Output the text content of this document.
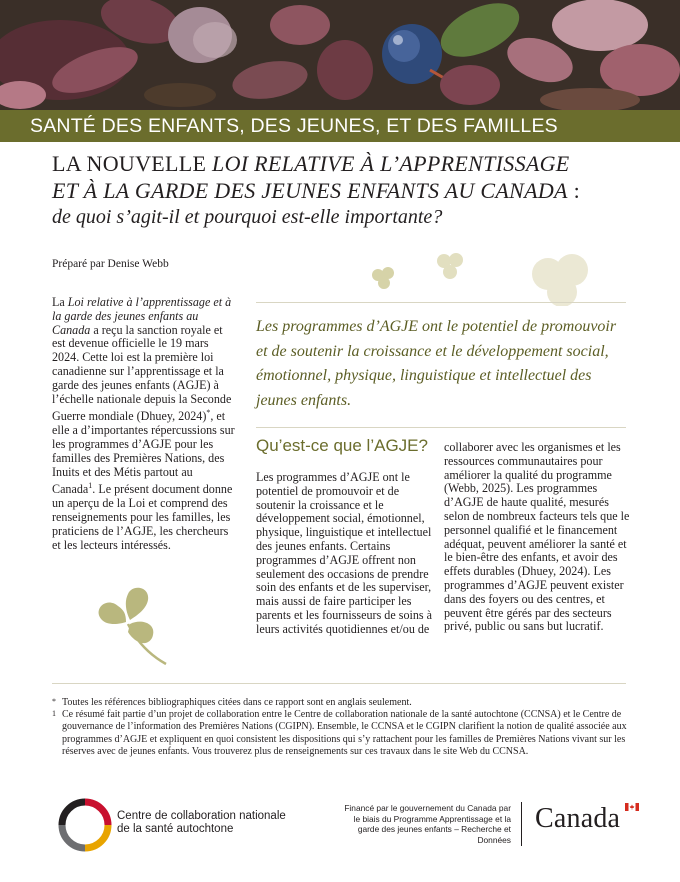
SANTÉ DES ENFANTS, DES JEUNES, ET DES FAMILLES
LA NOUVELLE LOI RELATIVE À L’APPRENTISSAGE
ET À LA GARDE DES JEUNES ENFANTS AU CANADA :
de quoi s’agit-il et pourquoi est-elle importante?
Préparé par Denise Webb

La Loi relative à l’apprentissage et à la garde des jeunes enfants au Canada a reçu la sanction royale et est devenue officielle le 19 mars 2024. Cette loi est la première loi canadienne sur l’apprentissage et la garde des jeunes enfants (AGJE) à l’échelle nationale depuis la Seconde Guerre mondiale (Dhuey, 2024)*, et elle a d’importantes répercussions sur les programmes d’AGJE pour les familles des Premières Nations, des Inuits et des Métis partout au Canada$^1$. Le présent document donne un aperçu de la Loi et comprend des renseignements pour les familles, les praticiens de l’AGJE, les chercheurs et les lecteurs intéressés.

Les programmes d’AGJE ont le potentiel de promouvoir et de soutenir la croissance et le développement social, émotionnel, physique, linguistique et intellectuel des jeunes enfants.

Qu’est-ce que l’AGJE?

Les programmes d’AGJE ont le potentiel de promouvoir et de soutenir la croissance et le développement social, émotionnel, physique, linguistique et intellectuel des jeunes enfants. Certains programmes d’AGJE offrent non seulement des occasions de prendre soin des enfants et de les superviser, mais aussi de faire participer les parents et les fournisseurs de soins à leurs activités quotidiennes et/ou de

collaborer avec les organismes et les ressources communautaires pour améliorer la qualité du programme (Webb, 2025). Les programmes d’AGJE de haute qualité, mesurés selon de nombreux facteurs tels que le personnel qualifié et le financement adéquat, peuvent améliorer la santé et le bien-être des enfants, et avoir des effets durables (Dhuey, 2024). Les programmes d’AGJE peuvent exister dans des foyers ou des centres, et peuvent être gérés par des secteurs privé, public ou sans but lucratif.

* Toutes les références bibliographiques citées dans ce rapport sont en anglais seulement.
1 Ce résumé fait partie d’un projet de collaboration entre le Centre de collaboration nationale de la santé autochtone (CCNSA) et le Centre de gouvernance de l’information des Premières Nations (CGIPN). Ensemble, le CCNSA et le CGIPN clarifient la notion de qualité associée aux programmes d’AGJE et expliquent en quoi consistent les dispositions qui s’y rattachent pour les familles de Premières Nations vivant sur les réserves avec de jeunes enfants. Vous trouverez plus de renseignements sur ces travaux dans le site Web du CCNSA.
Centre de collaboration nationale
de la santé autochtone
Financé par le gouvernement du Canada par le biais du Programme Apprentissage et la garde des jeunes enfants – Recherche et Données
Canada
